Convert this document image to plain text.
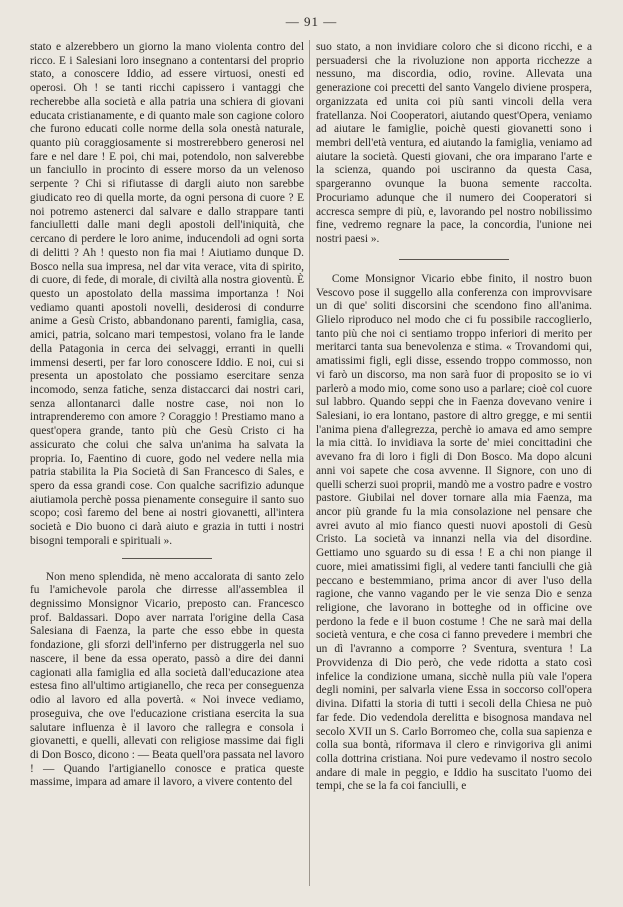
— 91 —

stato e alzerebbero un giorno la mano violenta contro del ricco. E i Salesiani loro insegnano a contentarsi del proprio stato, a conoscere Iddio, ad essere virtuosi, onesti ed operosi. Oh ! se tanti ricchi capissero i vantaggi che recherebbe alla società e alla patria una schiera di giovani educata cristianamente, e di quanto male son cagione coloro che furono educati colle norme della sola onestà naturale, quanto più coraggiosamente si mostrerebbero generosi nel fare e nel dare ! E poi, chi mai, potendolo, non salverebbe un fanciullo in procinto di essere morso da un velenoso serpente ? Chi si rifiutasse di dargli aiuto non sarebbe giudicato reo di quella morte, da ogni persona di cuore ? E noi potremo astenerci dal salvare e dallo strappare tanti fanciulletti dalle mani degli apostoli dell'iniquità, che cercano di perdere le loro anime, inducendoli ad ogni sorta di delitti ? Ah ! questo non fia mai ! Aiutiamo dunque D. Bosco nella sua impresa, nel dar vita verace, vita di spirito, di cuore, di fede, di morale, di civiltà alla nostra gioventù. È questo un apostolato della massima importanza ! Noi vediamo quanti apostoli novelli, desiderosi di condurre anime a Gesù Cristo, abbandonano parenti, famiglia, casa, amici, patria, solcano mari tempestosi, volano fra le lande della Patagonia in cerca dei selvaggi, erranti in quelli immensi deserti, per far loro conoscere Iddio. E noi, cui si presenta un apostolato che possiamo esercitare senza incomodo, senza fatiche, senza distaccarci dai nostri cari, senza allontanarci dalle nostre case, noi non lo intraprenderemo con amore ? Coraggio ! Prestiamo mano a quest'opera grande, tanto più che Gesù Cristo ci ha assicurato che colui che salva un'anima ha salvata la propria. Io, Faentino di cuore, godo nel vedere nella mia patria stabilita la Pia Società di San Francesco di Sales, e spero da essa grandi cose. Con qualche sacrifizio adunque aiutiamola perchè possa pienamente conseguire il santo suo scopo; così faremo del bene ai nostri giovanetti, all'intera società e Dio buono ci darà aiuto e grazia in tutti i nostri bisogni temporali e spirituali ».

Non meno splendida, nè meno accalorata di santo zelo fu l'amichevole parola che dirresse all'assemblea il degnissimo Monsignor Vicario, preposto can. Francesco prof. Baldassari. Dopo aver narrata l'origine della Casa Salesiana di Faenza, la parte che esso ebbe in questa fondazione, gli sforzi dell'inferno per distruggerla nel suo nascere, il bene da essa operato, passò a dire dei danni cagionati alla famiglia ed alla società dall'educazione atea estesa fino all'ultimo artigianello, che reca per conseguenza odio al lavoro ed alla povertà. « Noi invece vediamo, proseguiva, che ove l'educazione cristiana esercita la sua salutare influenza è il lavoro che rallegra e consola i giovanetti, e quelli, allevati con religiose massime dai figli di Don Bosco, dicono : — Beata quell'ora passata nel lavoro ! — Quando l'artigianello conosce e pratica queste massime, impara ad amare il lavoro, a vivere contento del

suo stato, a non invidiare coloro che si dicono ricchi, e a persuadersi che la rivoluzione non apporta ricchezze a nessuno, ma discordia, odio, rovine. Allevata una generazione coi precetti del santo Vangelo diviene prospera, organizzata ed unita coi più santi vincoli della vera fratellanza. Noi Cooperatori, aiutando quest'Opera, veniamo ad aiutare le famiglie, poichè questi giovanetti sono i membri dell'età ventura, ed aiutando la famiglia, veniamo ad aiutare la società. Questi giovani, che ora imparano l'arte e la scienza, quando poi usciranno da questa Casa, spargeranno ovunque la buona semente raccolta. Procuriamo adunque che il numero dei Cooperatori si accresca sempre di più, e, lavorando pel nostro nobilissimo fine, vedremo regnare la pace, la concordia, l'unione nei nostri paesi ».

Come Monsignor Vicario ebbe finito, il nostro buon Vescovo pose il suggello alla conferenza con improvvisare un di que' soliti discorsini che scendono fino all'anima. Glielo riproduco nel modo che ci fu possibile raccoglierlo, tanto più che noi ci sentiamo troppo inferiori di merito per meritarci tanta sua benevolenza e stima. « Trovandomi qui, amatissimi figli, egli disse, essendo troppo commosso, non vi farò un discorso, ma non sarà fuor di proposito se io vi parlerò a modo mio, come sono uso a parlare; cioè col cuore sul labbro. Quando seppi che in Faenza dovevano venire i Salesiani, io era lontano, pastore di altro gregge, e mi sentii l'anima piena d'allegrezza, perchè io amava ed amo sempre la mia città. Io invidiava la sorte de' miei concittadini che avevano fra di loro i figli di Don Bosco. Ma dopo alcuni anni voi sapete che cosa avvenne. Il Signore, con uno di quelli scherzi suoi proprii, mandò me a vostro padre e vostro pastore. Giubilai nel dover tornare alla mia Faenza, ma ancor più grande fu la mia consolazione nel pensare che avrei avuto al mio fianco questi nuovi apostoli di Gesù Cristo. La società va innanzi nella via del disordine. Gettiamo uno sguardo su di essa ! E a chi non piange il cuore, miei amatissimi figli, al vedere tanti fanciulli che già peccano e bestemmiano, prima ancor di aver l'uso della ragione, che vanno vagando per le vie senza Dio e senza religione, che lavorano in botteghe od in officine ove perdono la fede e il buon costume ! Che ne sarà mai della società ventura, e che cosa ci fanno prevedere i membri che un dì l'avranno a comporre ? Sventura, sventura ! La Provvidenza di Dio però, che vede ridotta a stato così infelice la condizione umana, sicchè nulla più vale l'opera degli nomini, per salvarla viene Essa in soccorso coll'opera divina. Difatti la storia di tutti i secoli della Chiesa ne può far fede. Dio vedendola derelitta e bisognosa mandava nel secolo XVII un S. Carlo Borromeo che, colla sua sapienza e colla sua bontà, riformava il clero e rinvigoriva gli animi colla dottrina cristiana. Noi pure vedevamo il nostro secolo andare di male in peggio, e Iddio ha suscitato l'uomo dei tempi, che se la fa coi fanciulli, e
